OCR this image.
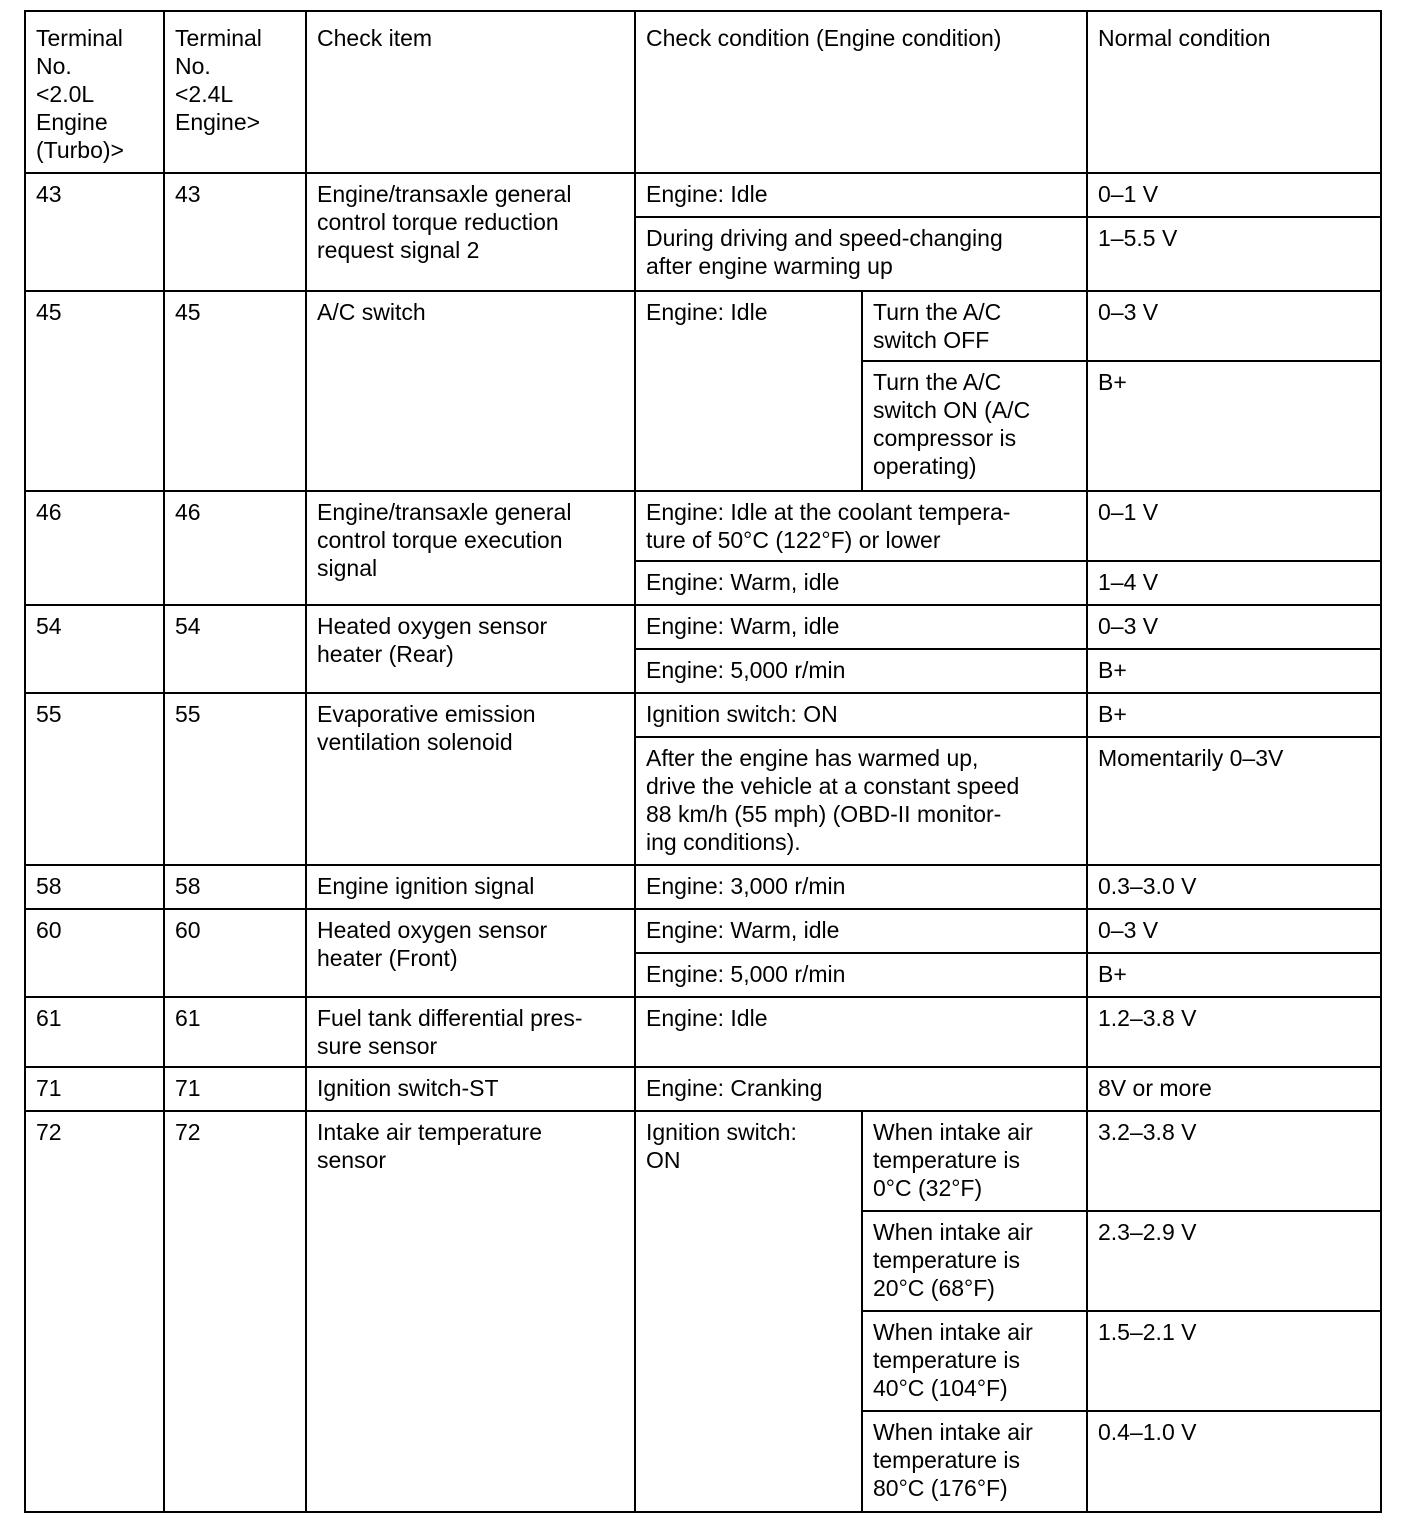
Terminal
No.
<2.0L
Engine
(Turbo)>	Terminal
No.
<2.4L
Engine>	Check item	Check condition (Engine condition)		Normal condition
43	43	Engine/transaxle general
control torque reduction
request signal 2	Engine: Idle		0–1 V
			During driving and speed-changing
after engine warming up		1–5.5 V
45	45	A/C switch	Engine: Idle	Turn the A/C
switch OFF	0–3 V
				Turn the A/C
switch ON (A/C
compressor is
operating)	B+
46	46	Engine/transaxle general
control torque execution
signal	Engine: Idle at the coolant tempera-
ture of 50°C (122°F) or lower		0–1 V
			Engine: Warm, idle		1–4 V
54	54	Heated oxygen sensor
heater (Rear)	Engine: Warm, idle		0–3 V
			Engine: 5,000 r/min		B+
55	55	Evaporative emission
ventilation solenoid	Ignition switch: ON		B+
			After the engine has warmed up,
drive the vehicle at a constant speed
88 km/h (55 mph) (OBD-II monitor-
ing conditions).		Momentarily 0–3V
58	58	Engine ignition signal	Engine: 3,000 r/min		0.3–3.0 V
60	60	Heated oxygen sensor
heater (Front)	Engine: Warm, idle		0–3 V
			Engine: 5,000 r/min		B+
61	61	Fuel tank differential pres-
sure sensor	Engine: Idle		1.2–3.8 V
71	71	Ignition switch-ST	Engine: Cranking		8V or more
72	72	Intake air temperature
sensor	Ignition switch:
ON	When intake air
temperature is
0°C (32°F)	3.2–3.8 V
				When intake air
temperature is
20°C (68°F)	2.3–2.9 V
				When intake air
temperature is
40°C (104°F)	1.5–2.1 V
				When intake air
temperature is
80°C (176°F)	0.4–1.0 V
